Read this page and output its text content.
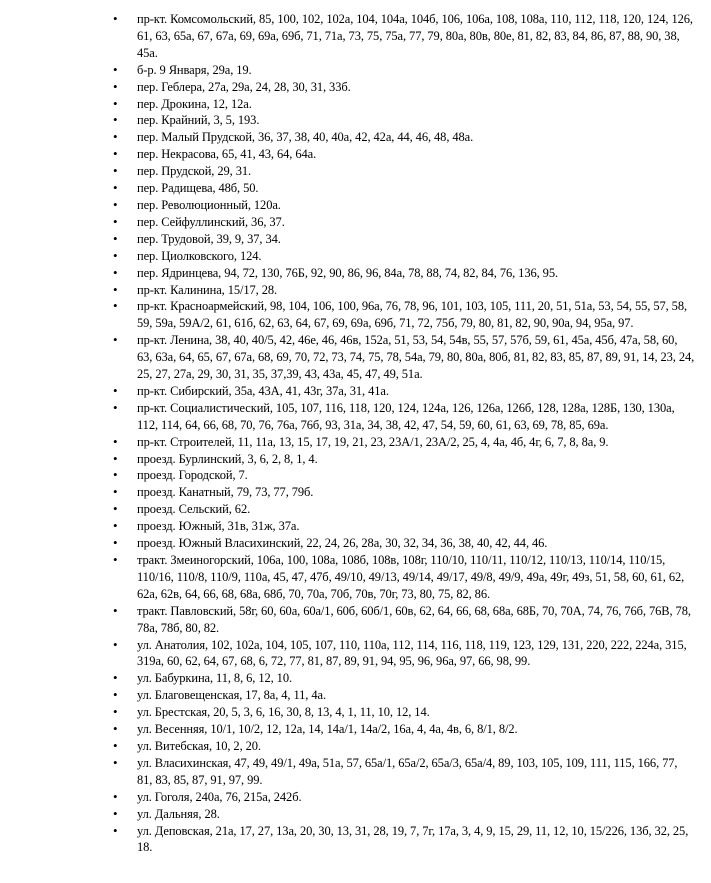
• пр-кт. Комсомольский, 85, 100, 102, 102а, 104, 104а, 104б, 106, 106а, 108, 108а, 110, 112, 118, 120, 124, 126, 61, 63, 65а, 67, 67а, 69, 69а, 69б, 71, 71а, 73, 75, 75а, 77, 79, 80а, 80в, 80е, 81, 82, 83, 84, 86, 87, 88, 90, 38, 45а.
• б-р. 9 Января, 29а, 19.
• пер. Геблера, 27а, 29а, 24, 28, 30, 31, 33б.
• пер. Дрокина, 12, 12а.
• пер. Крайний, 3, 5, 193.
• пер. Малый Прудской, 36, 37, 38, 40, 40а, 42, 42а, 44, 46, 48, 48а.
• пер. Некрасова, 65, 41, 43, 64, 64а.
• пер. Прудской, 29, 31.
• пер. Радищева, 48б, 50.
• пер. Революционный, 120а.
• пер. Сейфуллинский, 36, 37.
• пер. Трудовой, 39, 9, 37, 34.
• пер. Циолковского, 124.
• пер. Ядринцева, 94, 72, 130, 76Б, 92, 90, 86, 96, 84а, 78, 88, 74, 82, 84, 76, 136, 95.
• пр-кт. Калинина, 15/17, 28.
• пр-кт. Красноармейский, 98, 104, 106, 100, 96а, 76, 78, 96, 101, 103, 105, 111, 20, 51, 51а, 53, 54, 55, 57, 58, 59, 59а, 59А/2, 61, 61б, 62, 63, 64, 67, 69, 69а, 69б, 71, 72, 75б, 79, 80, 81, 82, 90, 90а, 94, 95а, 97.
• пр-кт. Ленина, 38, 40, 40/5, 42, 46е, 46, 46в, 152а, 51, 53, 54, 54в, 55, 57, 57б, 59, 61, 45а, 45б, 47а, 58, 60, 63, 63а, 64, 65, 67, 67а, 68, 69, 70, 72, 73, 74, 75, 78, 54а, 79, 80, 80а, 80б, 81, 82, 83, 85, 87, 89, 91, 14, 23, 24, 25, 27, 27а, 29, 30, 31, 35, 37,39, 43, 43а, 45, 47, 49, 51а.
• пр-кт. Сибирский, 35а, 43А, 41, 43г, 37а, 31, 41а.
• пр-кт. Социалистический, 105, 107, 116, 118, 120, 124, 124а, 126, 126а, 126б, 128, 128а, 128Б, 130, 130а, 112, 114, 64, 66, 68, 70, 76, 76а, 76б, 93, 31а, 34, 38, 42, 47, 54, 59, 60, 61, 63, 69, 78, 85, 69а.
• пр-кт. Строителей, 11, 11а, 13, 15, 17, 19, 21, 23, 23А/1, 23А/2, 25, 4, 4а, 4б, 4г, 6, 7, 8, 8а, 9.
• проезд. Бурлинский, 3, 6, 2, 8, 1, 4.
• проезд. Городской, 7.
• проезд. Канатный, 79, 73, 77, 79б.
• проезд. Сельский, 62.
• проезд. Южный, 31в, 31ж, 37а.
• проезд. Южный Власихинский, 22, 24, 26, 28а, 30, 32, 34, 36, 38, 40, 42, 44, 46.
• тракт. Змеиногорский, 106а, 100, 108а, 108б, 108в, 108г, 110/10, 110/11, 110/12, 110/13, 110/14, 110/15, 110/16, 110/8, 110/9, 110а, 45, 47, 47б, 49/10, 49/13, 49/14, 49/17, 49/8, 49/9, 49а, 49г, 49з, 51, 58, 60, 61, 62, 62а, 62в, 64, 66, 68, 68а, 68б, 70, 70а, 70б, 70в, 70г, 73, 80, 75, 82, 86.
• тракт. Павловский, 58г, 60, 60а, 60а/1, 60б, 60б/1, 60в, 62, 64, 66, 68, 68а, 68Б, 70, 70А, 74, 76, 76б, 76В, 78, 78а, 78б, 80, 82.
• ул. Анатолия, 102, 102а, 104, 105, 107, 110, 110а, 112, 114, 116, 118, 119, 123, 129, 131, 220, 222, 224а, 315, 319а, 60, 62, 64, 67, 68, 6, 72, 77, 81, 87, 89, 91, 94, 95, 96, 96а, 97, 66, 98, 99.
• ул. Бабуркина, 11, 8, 6, 12, 10.
• ул. Благовещенская, 17, 8а, 4, 11, 4а.
• ул. Брестская, 20, 5, 3, 6, 16, 30, 8, 13, 4, 1, 11, 10, 12, 14.
• ул. Весенняя, 10/1, 10/2, 12, 12а, 14, 14а/1, 14а/2, 16а, 4, 4а, 4в, 6, 8/1, 8/2.
• ул. Витебская, 10, 2, 20.
• ул. Власихинская, 47, 49, 49/1, 49а, 51а, 57, 65а/1, 65а/2, 65а/3, 65а/4, 89, 103, 105, 109, 111, 115, 166, 77, 81, 83, 85, 87, 91, 97, 99.
• ул. Гоголя, 240а, 76, 215а, 242б.
• ул. Дальняя, 28.
• ул. Деповская, 21а, 17, 27, 13а, 20, 30, 13, 31, 28, 19, 7, 7г, 17а, 3, 4, 9, 15, 29, 11, 12, 10, 15/226, 13б, 32, 25, 18.
